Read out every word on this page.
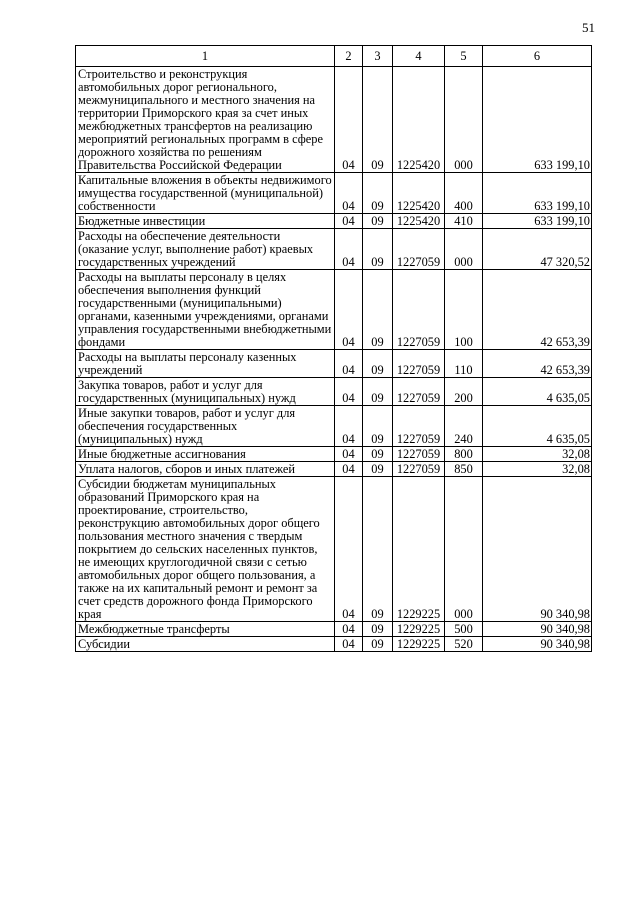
51
1	2	3	4	5	6
Строительство и реконструкция автомобильных дорог регионального, межмуниципального и местного значения на территории Приморского края за счет иных межбюджетных трансфертов на реализацию мероприятий региональных программ в сфере дорожного хозяйства по решениям Правительства Российской Федерации	04	09	1225420	000	633 199,10
Капитальные вложения в объекты недвижимого имущества государственной (муниципальной) собственности	04	09	1225420	400	633 199,10
Бюджетные инвестиции	04	09	1225420	410	633 199,10
Расходы на обеспечение деятельности (оказание услуг, выполнение работ) краевых государственных учреждений	04	09	1227059	000	47 320,52
Расходы на выплаты персоналу в целях обеспечения выполнения функций государственными (муниципальными) органами, казенными учреждениями, органами управления государственными внебюджетными фондами	04	09	1227059	100	42 653,39
Расходы на выплаты персоналу казенных учреждений	04	09	1227059	110	42 653,39
Закупка товаров, работ и услуг для государственных (муниципальных) нужд	04	09	1227059	200	4 635,05
Иные закупки товаров, работ и услуг для обеспечения государственных (муниципальных) нужд	04	09	1227059	240	4 635,05
Иные бюджетные ассигнования	04	09	1227059	800	32,08
Уплата налогов, сборов и иных платежей	04	09	1227059	850	32,08
Субсидии бюджетам муниципальных образований Приморского края на проектирование, строительство, реконструкцию автомобильных дорог общего пользования местного значения с твердым покрытием до сельских населенных пунктов, не имеющих круглогодичной связи с сетью автомобильных дорог общего пользования, а также на их капитальный ремонт и ремонт за счет средств дорожного фонда Приморского края	04	09	1229225	000	90 340,98
Межбюджетные трансферты	04	09	1229225	500	90 340,98
Субсидии	04	09	1229225	520	90 340,98
